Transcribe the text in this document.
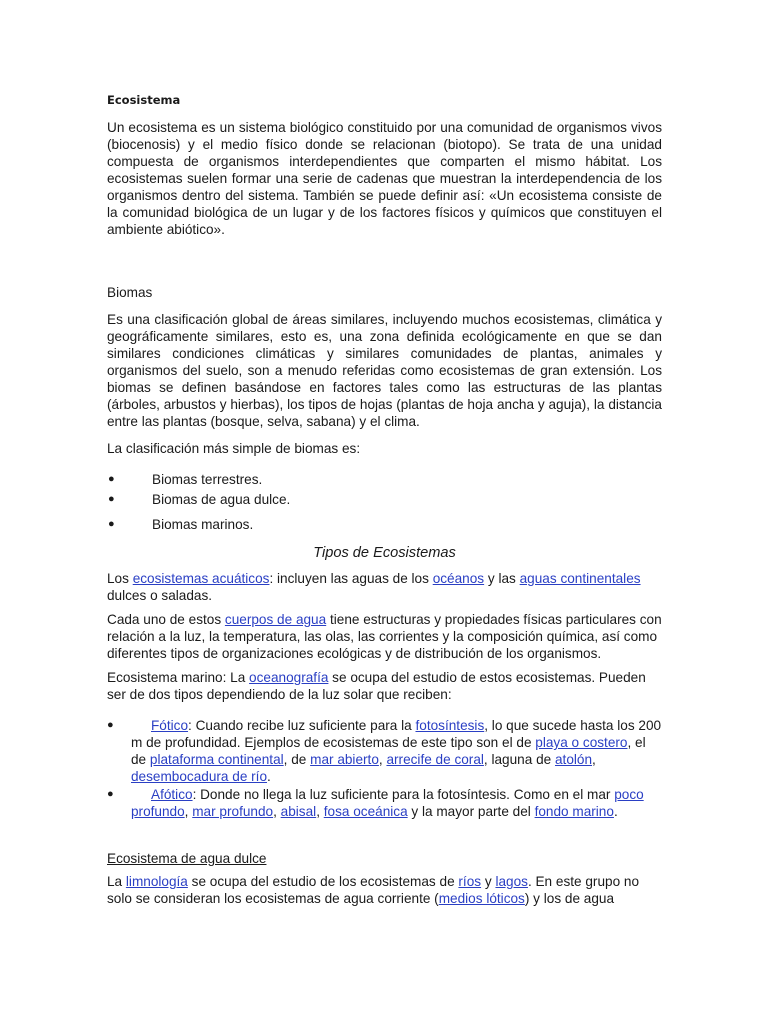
Ecosistema

Un ecosistema es un sistema biológico constituido por una comunidad de organismos vivos (biocenosis) y el medio físico donde se relacionan (biotopo). Se trata de una unidad compuesta de organismos interdependientes que comparten el mismo hábitat. Los ecosistemas suelen formar una serie de cadenas que muestran la interdependencia de los organismos dentro del sistema. También se puede definir así: «Un ecosistema consiste de la comunidad biológica de un lugar y de los factores físicos y químicos que constituyen el ambiente abiótico».

Biomas

Es una clasificación global de áreas similares, incluyendo muchos ecosistemas, climática y geográficamente similares, esto es, una zona definida ecológicamente en que se dan similares condiciones climáticas y similares comunidades de plantas, animales y organismos del suelo, son a menudo referidas como ecosistemas de gran extensión. Los biomas se definen basándose en factores tales como las estructuras de las plantas (árboles, arbustos y hierbas), los tipos de hojas (plantas de hoja ancha y aguja), la distancia entre las plantas (bosque, selva, sabana) y el clima.

La clasificación más simple de biomas es:

●	Biomas terrestres.
●	Biomas de agua dulce.
●	Biomas marinos.

Tipos de Ecosistemas

Los ecosistemas acuáticos: incluyen las aguas de los océanos y las aguas continentales dulces o saladas.

Cada uno de estos cuerpos de agua tiene estructuras y propiedades físicas particulares con relación a la luz, la temperatura, las olas, las corrientes y la composición química, así como diferentes tipos de organizaciones ecológicas y de distribución de los organismos.

Ecosistema marino: La oceanografía se ocupa del estudio de estos ecosistemas. Pueden ser de dos tipos dependiendo de la luz solar que reciben:

●	Fótico: Cuando recibe luz suficiente para la fotosíntesis, lo que sucede hasta los 200 m de profundidad. Ejemplos de ecosistemas de este tipo son el de playa o costero, el de plataforma continental, de mar abierto, arrecife de coral, laguna de atolón, desembocadura de río.
●	Afótico: Donde no llega la luz suficiente para la fotosíntesis. Como en el mar poco profundo, mar profundo, abisal, fosa oceánica y la mayor parte del fondo marino.

Ecosistema de agua dulce

La limnología se ocupa del estudio de los ecosistemas de ríos y lagos. En este grupo no solo se consideran los ecosistemas de agua corriente (medios lóticos) y los de agua
